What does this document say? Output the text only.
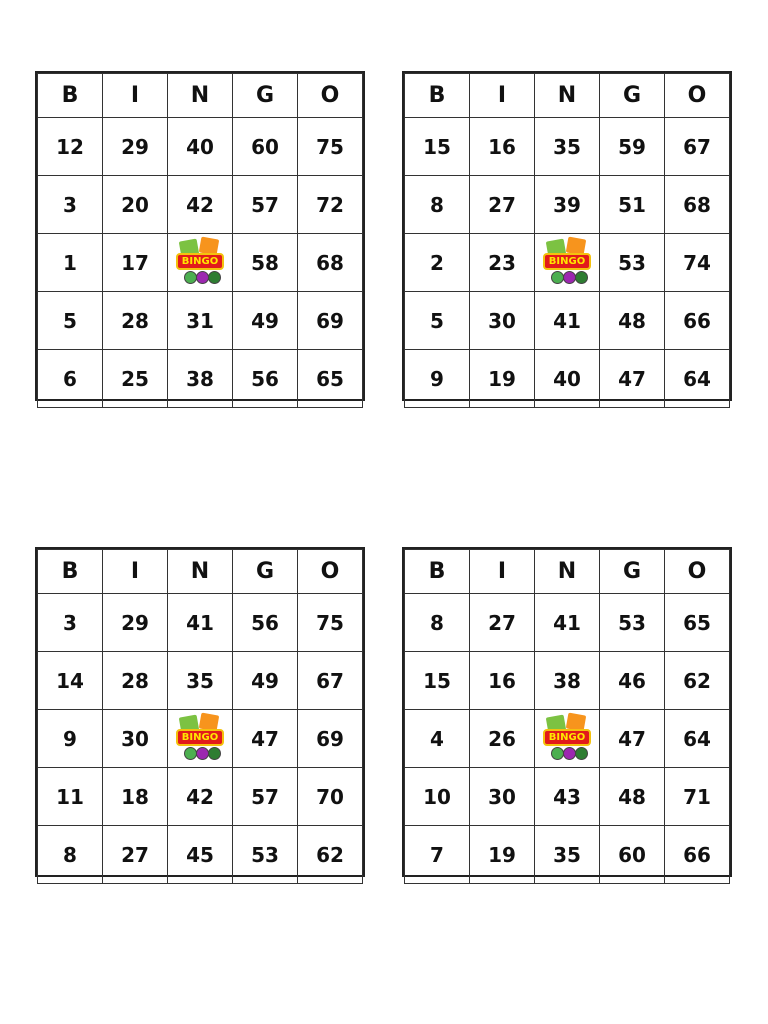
B	I	N	G	O
12	29	40	60	75
3	20	42	57	72
1	17	BINGO	58	68
5	28	31	49	69
6	25	38	56	65
B	I	N	G	O
15	16	35	59	67
8	27	39	51	68
2	23	BINGO	53	74
5	30	41	48	66
9	19	40	47	64
B	I	N	G	O
3	29	41	56	75
14	28	35	49	67
9	30	BINGO	47	69
11	18	42	57	70
8	27	45	53	62
B	I	N	G	O
8	27	41	53	65
15	16	38	46	62
4	26	BINGO	47	64
10	30	43	48	71
7	19	35	60	66
